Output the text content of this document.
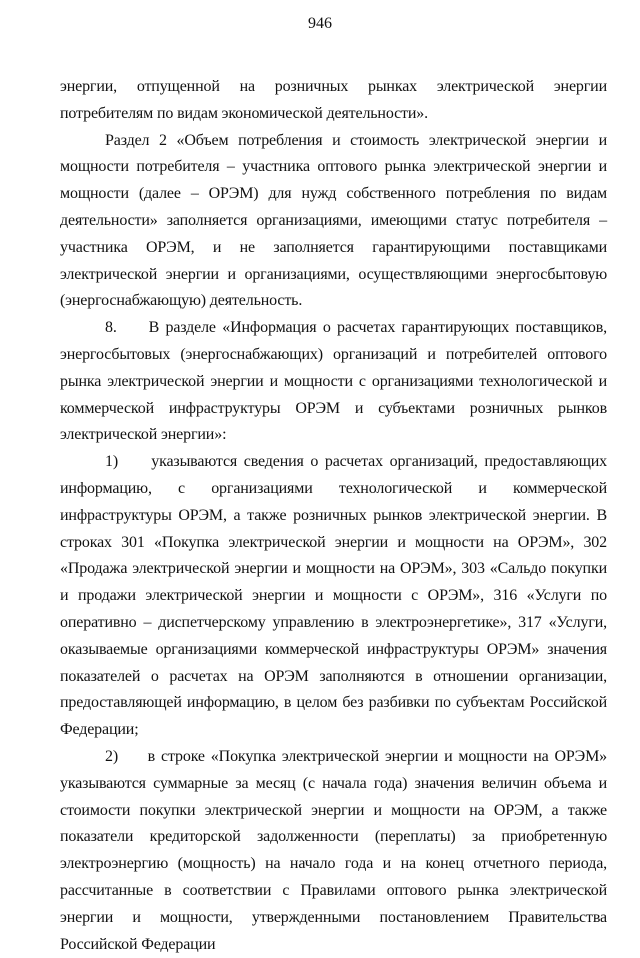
946

энергии, отпущенной на розничных рынках электрической энергии потребителям по видам экономической деятельности».

Раздел 2 «Объем потребления и стоимость электрической энергии и мощности потребителя – участника оптового рынка электрической энергии и мощности (далее – ОРЭМ) для нужд собственного потребления по видам деятельности» заполняется организациями, имеющими статус потребителя – участника ОРЭМ, и не заполняется гарантирующими поставщиками электрической энергии и организациями, осуществляющими энергосбытовую (энергоснабжающую) деятельность.

8.     В разделе «Информация о расчетах гарантирующих поставщиков, энергосбытовых (энергоснабжающих) организаций и потребителей оптового рынка электрической энергии и мощности с организациями технологической и коммерческой инфраструктуры ОРЭМ и субъектами розничных рынков электрической энергии»:

1)     указываются сведения о расчетах организаций, предоставляющих информацию, с организациями технологической и коммерческой инфраструктуры ОРЭМ, а также розничных рынков электрической энергии. В строках 301 «Покупка электрической энергии и мощности на ОРЭМ», 302 «Продажа электрической энергии и мощности на ОРЭМ», 303 «Сальдо покупки и продажи электрической энергии и мощности с ОРЭМ», 316 «Услуги по оперативно – диспетчерскому управлению в электроэнергетике», 317 «Услуги, оказываемые организациями коммерческой инфраструктуры ОРЭМ» значения показателей о расчетах на ОРЭМ заполняются в отношении организации, предоставляющей информацию, в целом без разбивки по субъектам Российской Федерации;

2)     в строке «Покупка электрической энергии и мощности на ОРЭМ» указываются суммарные за месяц (с начала года) значения величин объема и стоимости покупки электрической энергии и мощности на ОРЭМ, а также показатели кредиторской задолженности (переплаты) за приобретенную электроэнергию (мощность) на начало года и на конец отчетного периода, рассчитанные в соответствии с Правилами оптового рынка электрической энергии и мощности, утвержденными постановлением Правительства Российской Федерации
